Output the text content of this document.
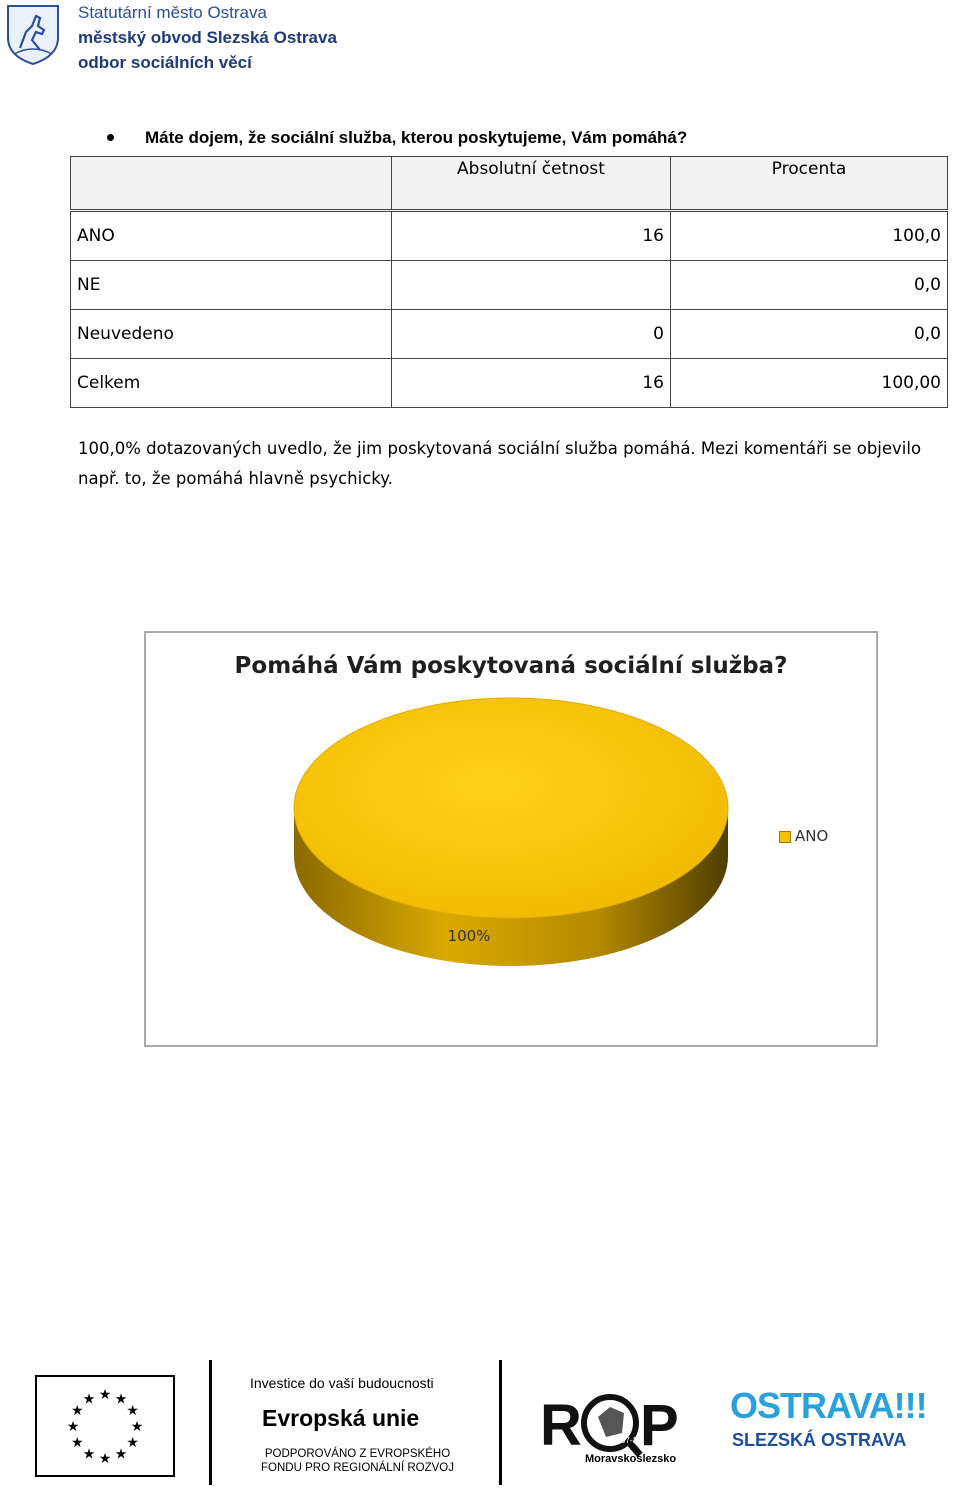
Statutární město Ostrava
městský obvod Slezská Ostrava
odbor sociálních věcí
Máte dojem, že sociální služba, kterou poskytujeme, Vám pomáhá?
	Absolutní četnost	Procenta
ANO	16	100,0
NE		0,0
Neuvedeno	0	0,0
Celkem	16	100,00
100,0% dotazovaných uvedlo, že jim poskytovaná sociální služba pomáhá. Mezi komentáři se objevilo např. to, že pomáhá hlavně psychicky.
Pomáhá Vám poskytovaná sociální služba?
100%
ANO
★
★
★
★
★
★
★
★
★ ★ ★
★
Investice do vaší budoucnosti
Evropská unie
PODPOROVÁNO Z EVROPSKÉHO FONDU PRO REGIONÁLNÍ ROZVOJ
R P
2007-13
Moravskoslezsko
OSTRAVA!!!
SLEZSKÁ OSTRAVA
